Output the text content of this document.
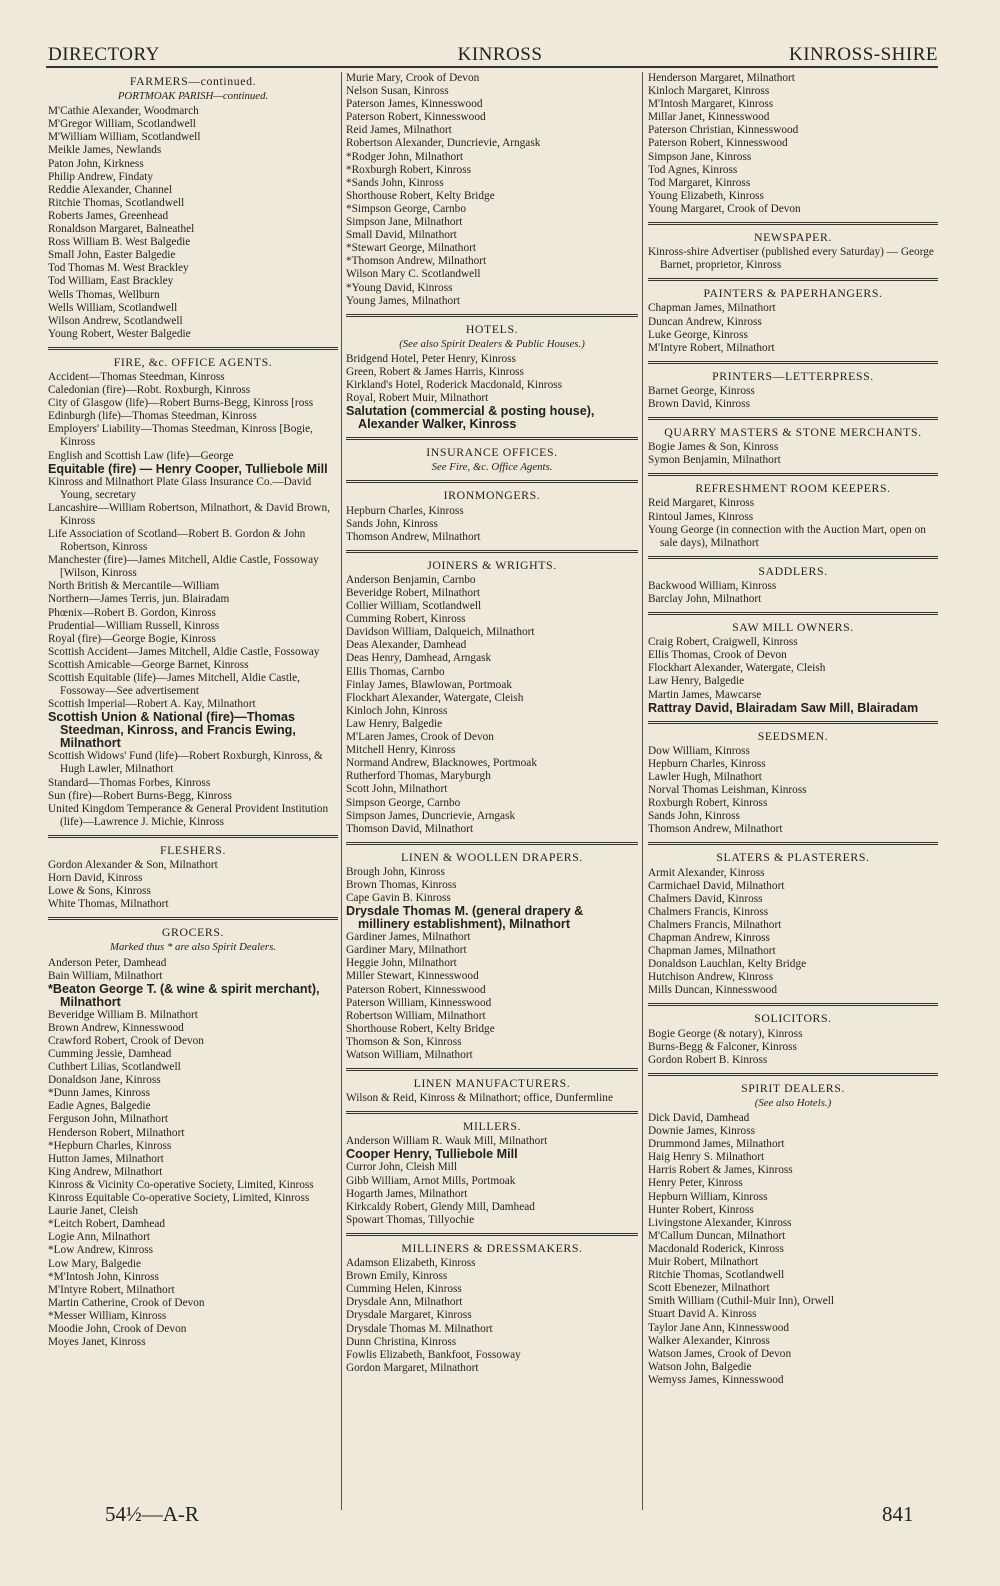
DIRECTORY	KINROSS	KINROSS-SHIRE
FARMERS—continued.
PORTMOAK PARISH—continued.
M'Cathie Alexander, Woodmarch
M'Gregor William, Scotlandwell
M'William William, Scotlandwell
Meikle James, Newlands
Paton John, Kirkness
Philip Andrew, Findaty
Reddie Alexander, Channel
Ritchie Thomas, Scotlandwell
Roberts James, Greenhead
Ronaldson Margaret, Balneathel
Ross William B. West Balgedie
Small John, Easter Balgedie
Tod Thomas M. West Brackley
Tod William, East Brackley
Wells Thomas, Wellburn
Wells William, Scotlandwell
Wilson Andrew, Scotlandwell
Young Robert, Wester Balgedie
FIRE, &c. OFFICE AGENTS.
Accident—Thomas Steedman, Kinross
Caledonian (fire)—Robt. Roxburgh, Kinross
City of Glasgow (life)—Robert Burns-Begg, Kinross [ross
Edinburgh (life)—Thomas Steedman, Kinross
Employers' Liability—Thomas Steedman, Kinross [Bogie, Kinross
English and Scottish Law (life)—George
Equitable (fire) — Henry Cooper, Tulliebole Mill
Kinross and Milnathort Plate Glass Insurance Co.—David Young, secretary
Lancashire—William Robertson, Milnathort, & David Brown, Kinross
Life Association of Scotland—Robert B. Gordon & John Robertson, Kinross
Manchester (fire)—James Mitchell, Aldie Castle, Fossoway [Wilson, Kinross
North British & Mercantile—William
Northern—James Terris, jun. Blairadam
Phœnix—Robert B. Gordon, Kinross
Prudential—William Russell, Kinross
Royal (fire)—George Bogie, Kinross
Scottish Accident—James Mitchell, Aldie Castle, Fossoway
Scottish Amicable—George Barnet, Kinross
Scottish Equitable (life)—James Mitchell, Aldie Castle, Fossoway—See advertisement
Scottish Imperial—Robert A. Kay, Milnathort
Scottish Union & National (fire)—Thomas Steedman, Kinross, and Francis Ewing, Milnathort
Scottish Widows' Fund (life)—Robert Roxburgh, Kinross, & Hugh Lawler, Milnathort
Standard—Thomas Forbes, Kinross
Sun (fire)—Robert Burns-Begg, Kinross
United Kingdom Temperance & General Provident Institution (life)—Lawrence J. Michie, Kinross
FLESHERS.
Gordon Alexander & Son, Milnathort
Horn David, Kinross
Lowe & Sons, Kinross
White Thomas, Milnathort
GROCERS.
Marked thus * are also Spirit Dealers.
Anderson Peter, Damhead
Bain William, Milnathort
*Beaton George T. (& wine & spirit merchant), Milnathort
Beveridge William B. Milnathort
Brown Andrew, Kinnesswood
Crawford Robert, Crook of Devon
Cumming Jessie, Damhead
Cuthbert Lilias, Scotlandwell
Donaldson Jane, Kinross
*Dunn James, Kinross
Eadie Agnes, Balgedie
Ferguson John, Milnathort
Henderson Robert, Milnathort
*Hepburn Charles, Kinross
Hutton James, Milnathort
King Andrew, Milnathort
Kinross & Vicinity Co-operative Society, Limited, Kinross
Kinross Equitable Co-operative Society, Limited, Kinross
Laurie Janet, Cleish
*Leitch Robert, Damhead
Logie Ann, Milnathort
*Low Andrew, Kinross
Low Mary, Balgedie
*M'Intosh John, Kinross
M'Intyre Robert, Milnathort
Martin Catherine, Crook of Devon
*Messer William, Kinross
Moodie John, Crook of Devon
Moyes Janet, Kinross
Murie Mary, Crook of Devon
Nelson Susan, Kinross
Paterson James, Kinnesswood
Paterson Robert, Kinnesswood
Reid James, Milnathort
Robertson Alexander, Duncrievie, Arngask
*Rodger John, Milnathort
*Roxburgh Robert, Kinross
*Sands John, Kinross
Shorthouse Robert, Kelty Bridge
*Simpson George, Carnbo
Simpson Jane, Milnathort
Small David, Milnathort
*Stewart George, Milnathort
*Thomson Andrew, Milnathort
Wilson Mary C. Scotlandwell
*Young David, Kinross
Young James, Milnathort
HOTELS.
(See also Spirit Dealers & Public Houses.)
Bridgend Hotel, Peter Henry, Kinross
Green, Robert & James Harris, Kinross
Kirkland's Hotel, Roderick Macdonald, Kinross
Royal, Robert Muir, Milnathort
Salutation (commercial & posting house), Alexander Walker, Kinross
INSURANCE OFFICES.
See Fire, &c. Office Agents.
IRONMONGERS.
Hepburn Charles, Kinross
Sands John, Kinross
Thomson Andrew, Milnathort
JOINERS & WRIGHTS.
Anderson Benjamin, Carnbo
Beveridge Robert, Milnathort
Collier William, Scotlandwell
Cumming Robert, Kinross
Davidson William, Dalqueich, Milnathort
Deas Alexander, Damhead
Deas Henry, Damhead, Arngask
Ellis Thomas, Carnbo
Finlay James, Blawlowan, Portmoak
Flockhart Alexander, Watergate, Cleish
Kinloch John, Kinross
Law Henry, Balgedie
M'Laren James, Crook of Devon
Mitchell Henry, Kinross
Normand Andrew, Blacknowes, Portmoak
Rutherford Thomas, Maryburgh
Scott John, Milnathort
Simpson George, Carnbo
Simpson James, Duncrievie, Arngask
Thomson David, Milnathort
LINEN & WOOLLEN DRAPERS.
Brough John, Kinross
Brown Thomas, Kinross
Cape Gavin B. Kinross
Drysdale Thomas M. (general drapery & millinery establishment), Milnathort
Gardiner James, Milnathort
Gardiner Mary, Milnathort
Heggie John, Milnathort
Miller Stewart, Kinnesswood
Paterson Robert, Kinnesswood
Paterson William, Kinnesswood
Robertson William, Milnathort
Shorthouse Robert, Kelty Bridge
Thomson & Son, Kinross
Watson William, Milnathort
LINEN MANUFACTURERS.
Wilson & Reid, Kinross & Milnathort; office, Dunfermline
MILLERS.
Anderson William R. Wauk Mill, Milnathort
Cooper Henry, Tulliebole Mill
Curror John, Cleish Mill
Gibb William, Arnot Mills, Portmoak
Hogarth James, Milnathort
Kirkcaldy Robert, Glendy Mill, Damhead
Spowart Thomas, Tillyochie
MILLINERS & DRESSMAKERS.
Adamson Elizabeth, Kinross
Brown Emily, Kinross
Cumming Helen, Kinross
Drysdale Ann, Milnathort
Drysdale Margaret, Kinross
Drysdale Thomas M. Milnathort
Dunn Christina, Kinross
Fowlis Elizabeth, Bankfoot, Fossoway
Gordon Margaret, Milnathort
Henderson Margaret, Milnathort
Kinloch Margaret, Kinross
M'Intosh Margaret, Kinross
Millar Janet, Kinnesswood
Paterson Christian, Kinnesswood
Paterson Robert, Kinnesswood
Simpson Jane, Kinross
Tod Agnes, Kinross
Tod Margaret, Kinross
Young Elizabeth, Kinross
Young Margaret, Crook of Devon
NEWSPAPER.
Kinross-shire Advertiser (published every Saturday) — George Barnet, proprietor, Kinross
PAINTERS & PAPERHANGERS.
Chapman James, Milnathort
Duncan Andrew, Kinross
Luke George, Kinross
M'Intyre Robert, Milnathort
PRINTERS—LETTERPRESS.
Barnet George, Kinross
Brown David, Kinross
QUARRY MASTERS & STONE MERCHANTS.
Bogie James & Son, Kinross
Symon Benjamin, Milnathort
REFRESHMENT ROOM KEEPERS.
Reid Margaret, Kinross
Rintoul James, Kinross
Young George (in connection with the Auction Mart, open on sale days), Milnathort
SADDLERS.
Backwood William, Kinross
Barclay John, Milnathort
SAW MILL OWNERS.
Craig Robert, Craigwell, Kinross
Ellis Thomas, Crook of Devon
Flockhart Alexander, Watergate, Cleish
Law Henry, Balgedie
Martin James, Mawcarse
Rattray David, Blairadam Saw Mill, Blairadam
SEEDSMEN.
Dow William, Kinross
Hepburn Charles, Kinross
Lawler Hugh, Milnathort
Norval Thomas Leishman, Kinross
Roxburgh Robert, Kinross
Sands John, Kinross
Thomson Andrew, Milnathort
SLATERS & PLASTERERS.
Armit Alexander, Kinross
Carmichael David, Milnathort
Chalmers David, Kinross
Chalmers Francis, Kinross
Chalmers Francis, Milnathort
Chapman Andrew, Kinross
Chapman James, Milnathort
Donaldson Lauchlan, Kelty Bridge
Hutchison Andrew, Kinross
Mills Duncan, Kinnesswood
SOLICITORS.
Bogie George (& notary), Kinross
Burns-Begg & Falconer, Kinross
Gordon Robert B. Kinross
SPIRIT DEALERS.
(See also Hotels.)
Dick David, Damhead
Downie James, Kinross
Drummond James, Milnathort
Haig Henry S. Milnathort
Harris Robert & James, Kinross
Henry Peter, Kinross
Hepburn William, Kinross
Hunter Robert, Kinross
Livingstone Alexander, Kinross
M'Callum Duncan, Milnathort
Macdonald Roderick, Kinross
Muir Robert, Milnathort
Ritchie Thomas, Scotlandwell
Scott Ebenezer, Milnathort
Smith William (Cuthil-Muir Inn), Orwell
Stuart David A. Kinross
Taylor Jane Ann, Kinnesswood
Walker Alexander, Kinross
Watson James, Crook of Devon
Watson John, Balgedie
Wemyss James, Kinnesswood
54½—A-R	841
